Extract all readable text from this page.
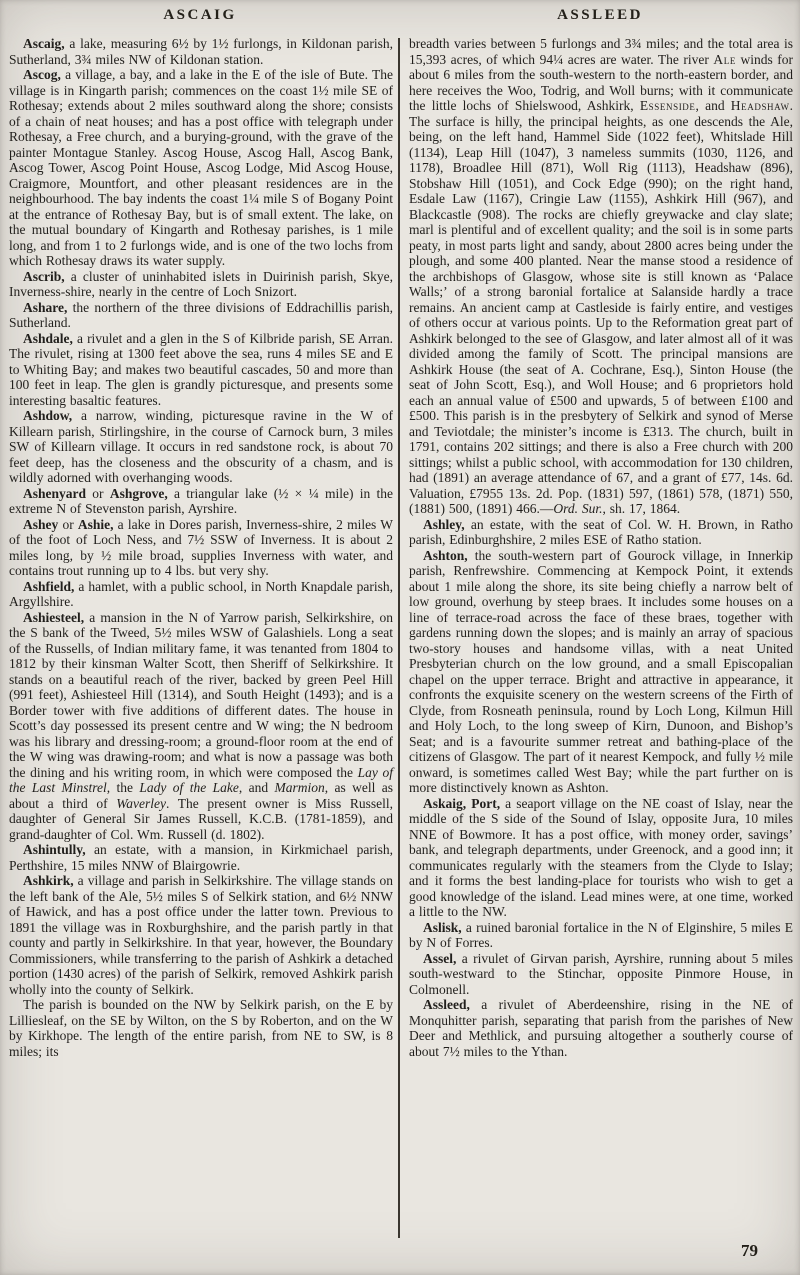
ASCAIG	ASSLEED

Ascaig, a lake, measuring 6½ by 1½ furlongs, in Kildonan parish, Sutherland, 3¾ miles NW of Kildonan station.

Ascog, a village, a bay, and a lake in the E of the isle of Bute. The village is in Kingarth parish; commences on the coast 1½ mile SE of Rothesay; extends about 2 miles southward along the shore; consists of a chain of neat houses; and has a post office with telegraph under Rothesay, a Free church, and a burying-ground, with the grave of the painter Montague Stanley. Ascog House, Ascog Hall, Ascog Bank, Ascog Tower, Ascog Point House, Ascog Lodge, Mid Ascog House, Craigmore, Mountfort, and other pleasant residences are in the neighbourhood. The bay indents the coast 1¼ mile S of Bogany Point at the entrance of Rothesay Bay, but is of small extent. The lake, on the mutual boundary of Kingarth and Rothesay parishes, is 1 mile long, and from 1 to 2 furlongs wide, and is one of the two lochs from which Rothesay draws its water supply.

Ascrib, a cluster of uninhabited islets in Duirinish parish, Skye, Inverness-shire, nearly in the centre of Loch Snizort.

Ashare, the northern of the three divisions of Eddrachillis parish, Sutherland.

Ashdale, a rivulet and a glen in the S of Kilbride parish, SE Arran. The rivulet, rising at 1300 feet above the sea, runs 4 miles SE and E to Whiting Bay; and makes two beautiful cascades, 50 and more than 100 feet in leap. The glen is grandly picturesque, and presents some interesting basaltic features.

Ashdow, a narrow, winding, picturesque ravine in the W of Killearn parish, Stirlingshire, in the course of Carnock burn, 3 miles SW of Killearn village. It occurs in red sandstone rock, is about 70 feet deep, has the closeness and the obscurity of a chasm, and is wildly adorned with overhanging woods.

Ashenyard or Ashgrove, a triangular lake (½ × ¼ mile) in the extreme N of Stevenston parish, Ayrshire.

Ashey or Ashie, a lake in Dores parish, Inverness-shire, 2 miles W of the foot of Loch Ness, and 7½ SSW of Inverness. It is about 2 miles long, by ½ mile broad, supplies Inverness with water, and contains trout running up to 4 lbs. but very shy.

Ashfield, a hamlet, with a public school, in North Knapdale parish, Argyllshire.

Ashiesteel, a mansion in the N of Yarrow parish, Selkirkshire, on the S bank of the Tweed, 5½ miles WSW of Galashiels. Long a seat of the Russells, of Indian military fame, it was tenanted from 1804 to 1812 by their kinsman Walter Scott, then Sheriff of Selkirkshire. It stands on a beautiful reach of the river, backed by green Peel Hill (991 feet), Ashiesteel Hill (1314), and South Height (1493); and is a Border tower with five additions of different dates. The house in Scott’s day possessed its present centre and W wing; the N bedroom was his library and dressing-room; a ground-floor room at the end of the W wing was drawing-room; and what is now a passage was both the dining and his writing room, in which were composed the Lay of the Last Minstrel, the Lady of the Lake, and Marmion, as well as about a third of Waverley. The present owner is Miss Russell, daughter of General Sir James Russell, K.C.B. (1781-1859), and grand-daughter of Col. Wm. Russell (d. 1802).

Ashintully, an estate, with a mansion, in Kirkmichael parish, Perthshire, 15 miles NNW of Blairgowrie.

Ashkirk, a village and parish in Selkirkshire. The village stands on the left bank of the Ale, 5½ miles S of Selkirk station, and 6½ NNW of Hawick, and has a post office under the latter town. Previous to 1891 the village was in Roxburghshire, and the parish partly in that county and partly in Selkirkshire. In that year, however, the Boundary Commissioners, while transferring to the parish of Ashkirk a detached portion (1430 acres) of the parish of Selkirk, removed Ashkirk parish wholly into the county of Selkirk.

The parish is bounded on the NW by Selkirk parish, on the E by Lilliesleaf, on the SE by Wilton, on the S by Roberton, and on the W by Kirkhope. The length of the entire parish, from NE to SW, is 8 miles; its

breadth varies between 5 furlongs and 3¾ miles; and the total area is 15,393 acres, of which 94¼ acres are water. The river Ale winds for about 6 miles from the south-western to the north-eastern border, and here receives the Woo, Todrig, and Woll burns; with it communicate the little lochs of Shielswood, Ashkirk, Essenside, and Headshaw. The surface is hilly, the principal heights, as one descends the Ale, being, on the left hand, Hammel Side (1022 feet), Whitslade Hill (1134), Leap Hill (1047), 3 nameless summits (1030, 1126, and 1178), Broadlee Hill (871), Woll Rig (1113), Headshaw (896), Stobshaw Hill (1051), and Cock Edge (990); on the right hand, Esdale Law (1167), Cringie Law (1155), Ashkirk Hill (967), and Blackcastle (908). The rocks are chiefly greywacke and clay slate; marl is plentiful and of excellent quality; and the soil is in some parts peaty, in most parts light and sandy, about 2800 acres being under the plough, and some 400 planted. Near the manse stood a residence of the archbishops of Glasgow, whose site is still known as ‘Palace Walls;’ of a strong baronial fortalice at Salanside hardly a trace remains. An ancient camp at Castleside is fairly entire, and vestiges of others occur at various points. Up to the Reformation great part of Ashkirk belonged to the see of Glasgow, and later almost all of it was divided among the family of Scott. The principal mansions are Ashkirk House (the seat of A. Cochrane, Esq.), Sinton House (the seat of John Scott, Esq.), and Woll House; and 6 proprietors hold each an annual value of £500 and upwards, 5 of between £100 and £500. This parish is in the presbytery of Selkirk and synod of Merse and Teviotdale; the minister’s income is £313. The church, built in 1791, contains 202 sittings; and there is also a Free church with 200 sittings; whilst a public school, with accommodation for 130 children, had (1891) an average attendance of 67, and a grant of £77, 14s. 6d. Valuation, £7955 13s. 2d. Pop. (1831) 597, (1861) 578, (1871) 550, (1881) 500, (1891) 466.—Ord. Sur., sh. 17, 1864.

Ashley, an estate, with the seat of Col. W. H. Brown, in Ratho parish, Edinburghshire, 2 miles ESE of Ratho station.

Ashton, the south-western part of Gourock village, in Innerkip parish, Renfrewshire. Commencing at Kempock Point, it extends about 1 mile along the shore, its site being chiefly a narrow belt of low ground, overhung by steep braes. It includes some houses on a line of terrace-road across the face of these braes, together with gardens running down the slopes; and is mainly an array of spacious two-story houses and handsome villas, with a neat United Presbyterian church on the low ground, and a small Episcopalian chapel on the upper terrace. Bright and attractive in appearance, it confronts the exquisite scenery on the western screens of the Firth of Clyde, from Rosneath peninsula, round by Loch Long, Kilmun Hill and Holy Loch, to the long sweep of Kirn, Dunoon, and Bishop’s Seat; and is a favourite summer retreat and bathing-place of the citizens of Glasgow. The part of it nearest Kempock, and fully ½ mile onward, is sometimes called West Bay; while the part further on is more distinctively known as Ashton.

Askaig, Port, a seaport village on the NE coast of Islay, near the middle of the S side of the Sound of Islay, opposite Jura, 10 miles NNE of Bowmore. It has a post office, with money order, savings’ bank, and telegraph departments, under Greenock, and a good inn; it communicates regularly with the steamers from the Clyde to Islay; and it forms the best landing-place for tourists who wish to get a good knowledge of the island. Lead mines were, at one time, worked a little to the NW.

Aslisk, a ruined baronial fortalice in the N of Elginshire, 5 miles E by N of Forres.

Assel, a rivulet of Girvan parish, Ayrshire, running about 5 miles south-westward to the Stinchar, opposite Pinmore House, in Colmonell.

Assleed, a rivulet of Aberdeenshire, rising in the NE of Monquhitter parish, separating that parish from the parishes of New Deer and Methlick, and pursuing altogether a southerly course of about 7½ miles to the Ythan.

79
